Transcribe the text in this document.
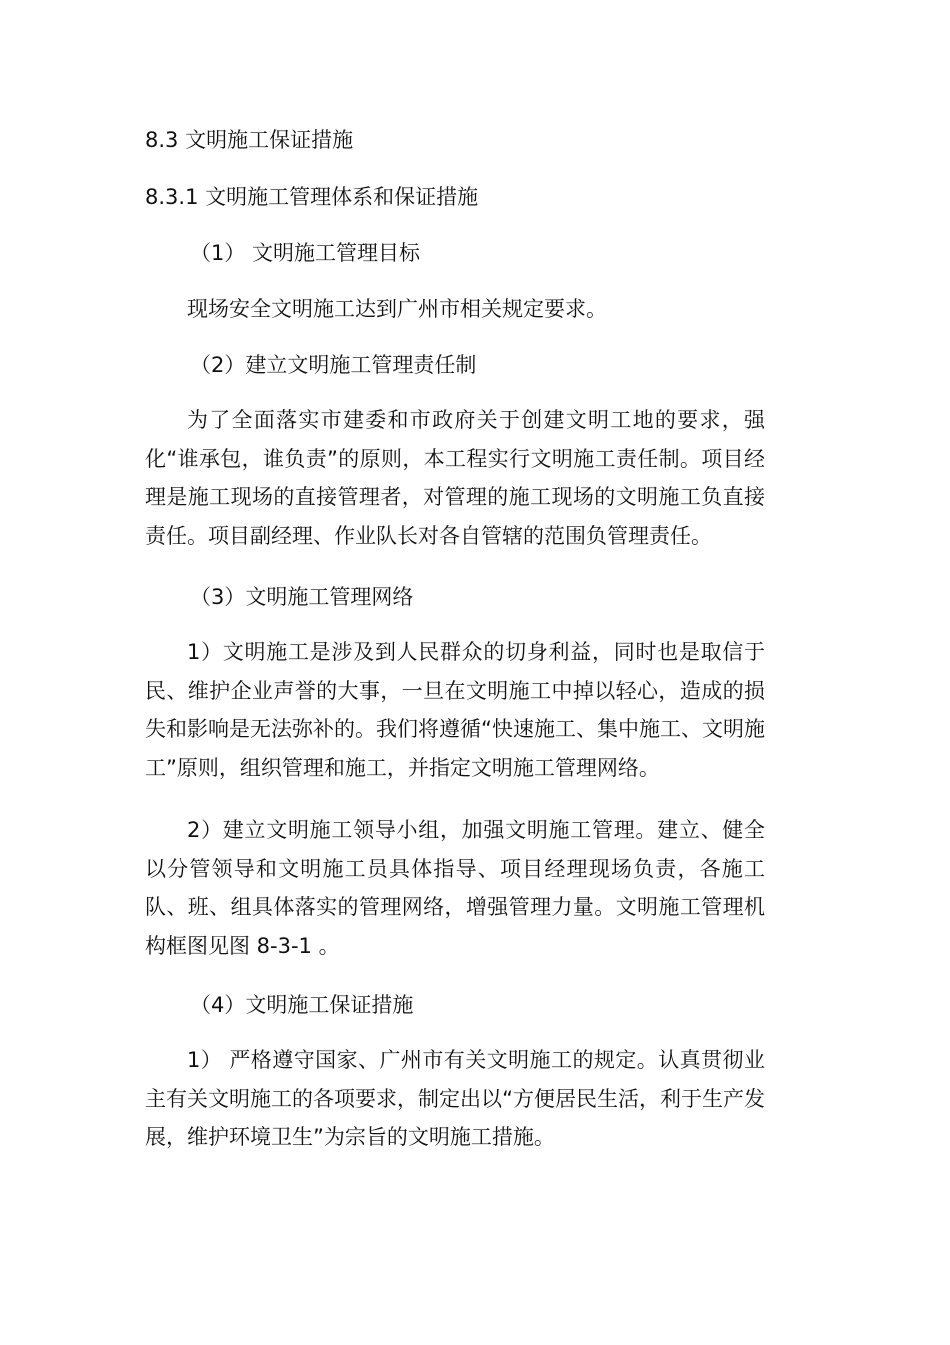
8.3 文明施工保证措施
8.3.1 文明施工管理体系和保证措施
（1） 文明施工管理目标
现场安全文明施工达到广州市相关规定要求。
（2）建立文明施工管理责任制
为了全面落实市建委和市政府关于创建文明工地的要求，强化“谁承包，谁负责”的原则，本工程实行文明施工责任制。项目经理是施工现场的直接管理者，对管理的施工现场的文明施工负直接责任。项目副经理、作业队长对各自管辖的范围负管理责任。
（3）文明施工管理网络
1）文明施工是涉及到人民群众的切身利益，同时也是取信于民、维护企业声誉的大事，一旦在文明施工中掉以轻心，造成的损失和影响是无法弥补的。我们将遵循“快速施工、集中施工、文明施工”原则，组织管理和施工，并指定文明施工管理网络。
2）建立文明施工领导小组，加强文明施工管理。建立、健全以分管领导和文明施工员具体指导、项目经理现场负责，各施工队、班、组具体落实的管理网络，增强管理力量。文明施工管理机构框图见图 8-3-1 。
（4）文明施工保证措施
1） 严格遵守国家、广州市有关文明施工的规定。认真贯彻业主有关文明施工的各项要求，制定出以“方便居民生活，利于生产发展，维护环境卫生”为宗旨的文明施工措施。
